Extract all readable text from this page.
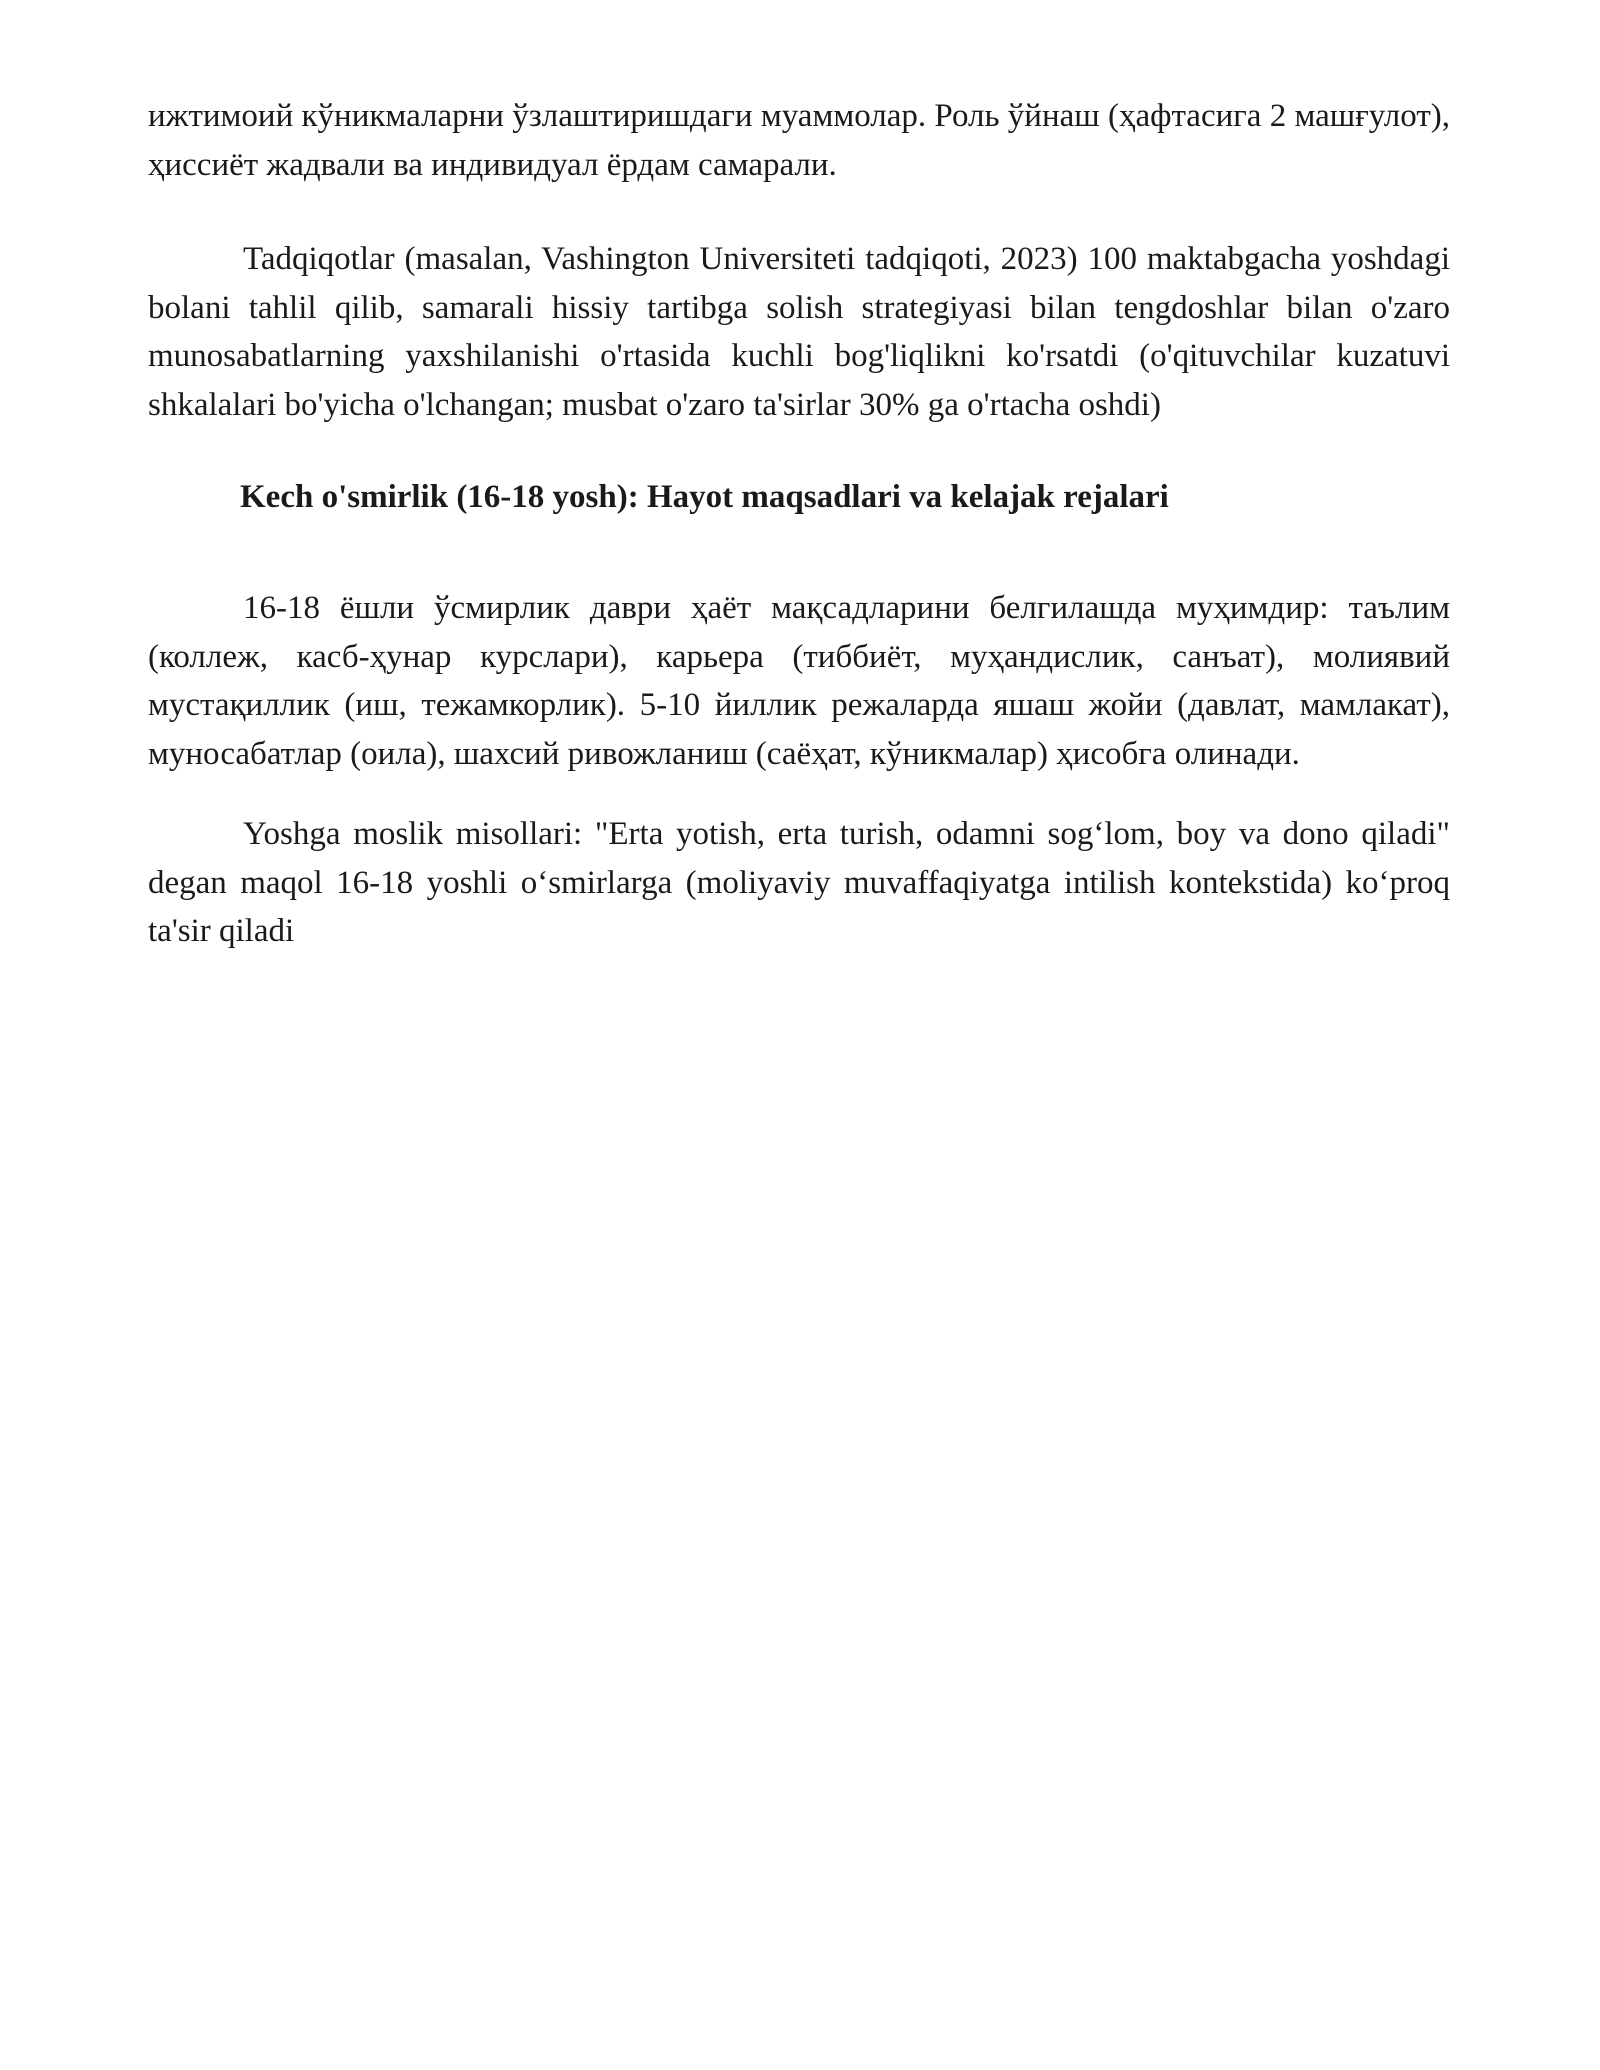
ижтимоий кўникмаларни ўзлаштиришдаги муаммолар. Роль ўйнаш (ҳафтасига 2 машғулот), ҳиссиёт жадвали ва индивидуал ёрдам самарали.

Tadqiqotlar (masalan, Vashington Universiteti tadqiqoti, 2023) 100 maktabgacha yoshdagi bolani tahlil qilib, samarali hissiy tartibga solish strategiyasi bilan tengdoshlar bilan o'zaro munosabatlarning yaxshilanishi o'rtasida kuchli bog'liqlikni ko'rsatdi (o'qituvchilar kuzatuvi shkalalari bo'yicha o'lchangan; musbat o'zaro ta'sirlar 30% ga o'rtacha oshdi)

Kech o'smirlik (16-18 yosh): Hayot maqsadlari va kelajak rejalari

16-18 ёшли ўсмирлик даври ҳаёт мақсадларини белгилашда муҳимдир: таълим (коллеж, касб-ҳунар курслари), карьера (тиббиёт, муҳандислик, санъат), молиявий мустақиллик (иш, тежамкорлик). 5-10 йиллик режаларда яшаш жойи (давлат, мамлакат), муносабатлар (оила), шахсий ривожланиш (саёҳат, кўникмалар) ҳисобга олинади.

Yoshga moslik misollari: "Erta yotish, erta turish, odamni sog‘lom, boy va dono qiladi" degan maqol 16-18 yoshli o‘smirlarga (moliyaviy muvaffaqiyatga intilish kontekstida) ko‘proq ta'sir qiladi
